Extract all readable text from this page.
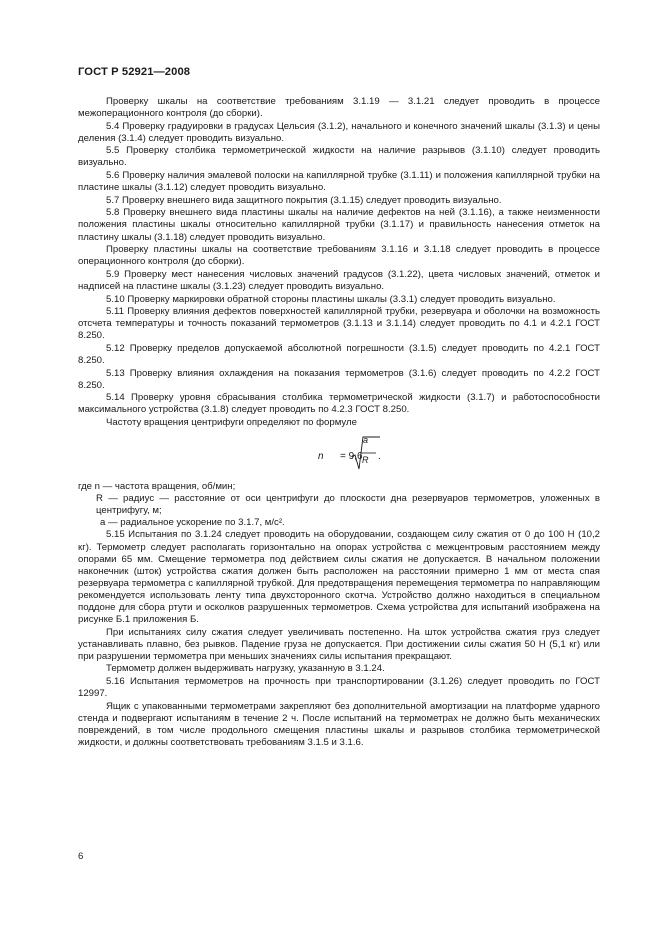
ГОСТ Р 52921—2008

Проверку шкалы на соответствие требованиям 3.1.19 — 3.1.21 следует проводить в процессе межоперационного контроля (до сборки).

5.4 Проверку градуировки в градусах Цельсия (3.1.2), начального и конечного значений шкалы (3.1.3) и цены деления (3.1.4) следует проводить визуально.

5.5 Проверку столбика термометрической жидкости на наличие разрывов (3.1.10) следует проводить визуально.

5.6 Проверку наличия эмалевой полоски на капиллярной трубке (3.1.11) и положения капиллярной трубки на пластине шкалы (3.1.12) следует проводить визуально.

5.7 Проверку внешнего вида защитного покрытия (3.1.15) следует проводить визуально.

5.8 Проверку внешнего вида пластины шкалы на наличие дефектов на ней (3.1.16), а также неизменности положения пластины шкалы относительно капиллярной трубки (3.1.17) и правильность нанесения отметок на пластину шкалы (3.1.18) следует проводить визуально.

Проверку пластины шкалы на соответствие требованиям 3.1.16 и 3.1.18 следует проводить в процессе операционного контроля (до сборки).

5.9 Проверку мест нанесения числовых значений градусов (3.1.22), цвета числовых значений, отметок и надписей на пластине шкалы (3.1.23) следует проводить визуально.

5.10 Проверку маркировки обратной стороны пластины шкалы (3.3.1) следует проводить визуально.

5.11 Проверку влияния дефектов поверхностей капиллярной трубки, резервуара и оболочки на возможность отсчета температуры и точность показаний термометров (3.1.13 и 3.1.14) следует проводить по 4.1 и 4.2.1 ГОСТ 8.250.

5.12 Проверку пределов допускаемой абсолютной погрешности (3.1.5) следует проводить по 4.2.1 ГОСТ 8.250.

5.13 Проверку влияния охлаждения на показания термометров (3.1.6) следует проводить по 4.2.2 ГОСТ 8.250.

5.14 Проверку уровня сбрасывания столбика термометрической жидкости (3.1.7) и работоспособности максимального устройства (3.1.8) следует проводить по 4.2.3 ГОСТ 8.250.

Частоту вращения центрифуги определяют по формуле

n = 9,6
a
R .

где n — частота вращения, об/мин;

R — радиус — расстояние от оси центрифуги до плоскости дна резервуаров термометров, уложенных в центрифугу, м;

a — радиальное ускорение по 3.1.7, м/с².

5.15 Испытания по 3.1.24 следует проводить на оборудовании, создающем силу сжатия от 0 до 100 Н (10,2 кг). Термометр следует располагать горизонтально на опорах устройства с межцентровым расстоянием между опорами 65 мм. Смещение термометра под действием силы сжатия не допускается. В начальном положении наконечник (шток) устройства сжатия должен быть расположен на расстоянии примерно 1 мм от места спая резервуара термометра с капиллярной трубкой. Для предотвращения перемещения термометра по направляющим рекомендуется использовать ленту типа двухсторонного скотча. Устройство должно находиться в специальном поддоне для сбора ртути и осколков разрушенных термометров. Схема устройства для испытаний изображена на рисунке Б.1 приложения Б.

При испытаниях силу сжатия следует увеличивать постепенно. На шток устройства сжатия груз следует устанавливать плавно, без рывков. Падение груза не допускается. При достижении силы сжатия 50 Н (5,1 кг) или при разрушении термометра при меньших значениях силы испытания прекращают.

Термометр должен выдерживать нагрузку, указанную в 3.1.24.

5.16 Испытания термометров на прочность при транспортировании (3.1.26) следует проводить по ГОСТ 12997.

Ящик с упакованными термометрами закрепляют без дополнительной амортизации на платформе ударного стенда и подвергают испытаниям в течение 2 ч. После испытаний на термометрах не должно быть механических повреждений, в том числе продольного смещения пластины шкалы и разрывов столбика термометрической жидкости, и должны соответствовать требованиям 3.1.5 и 3.1.6.

6
